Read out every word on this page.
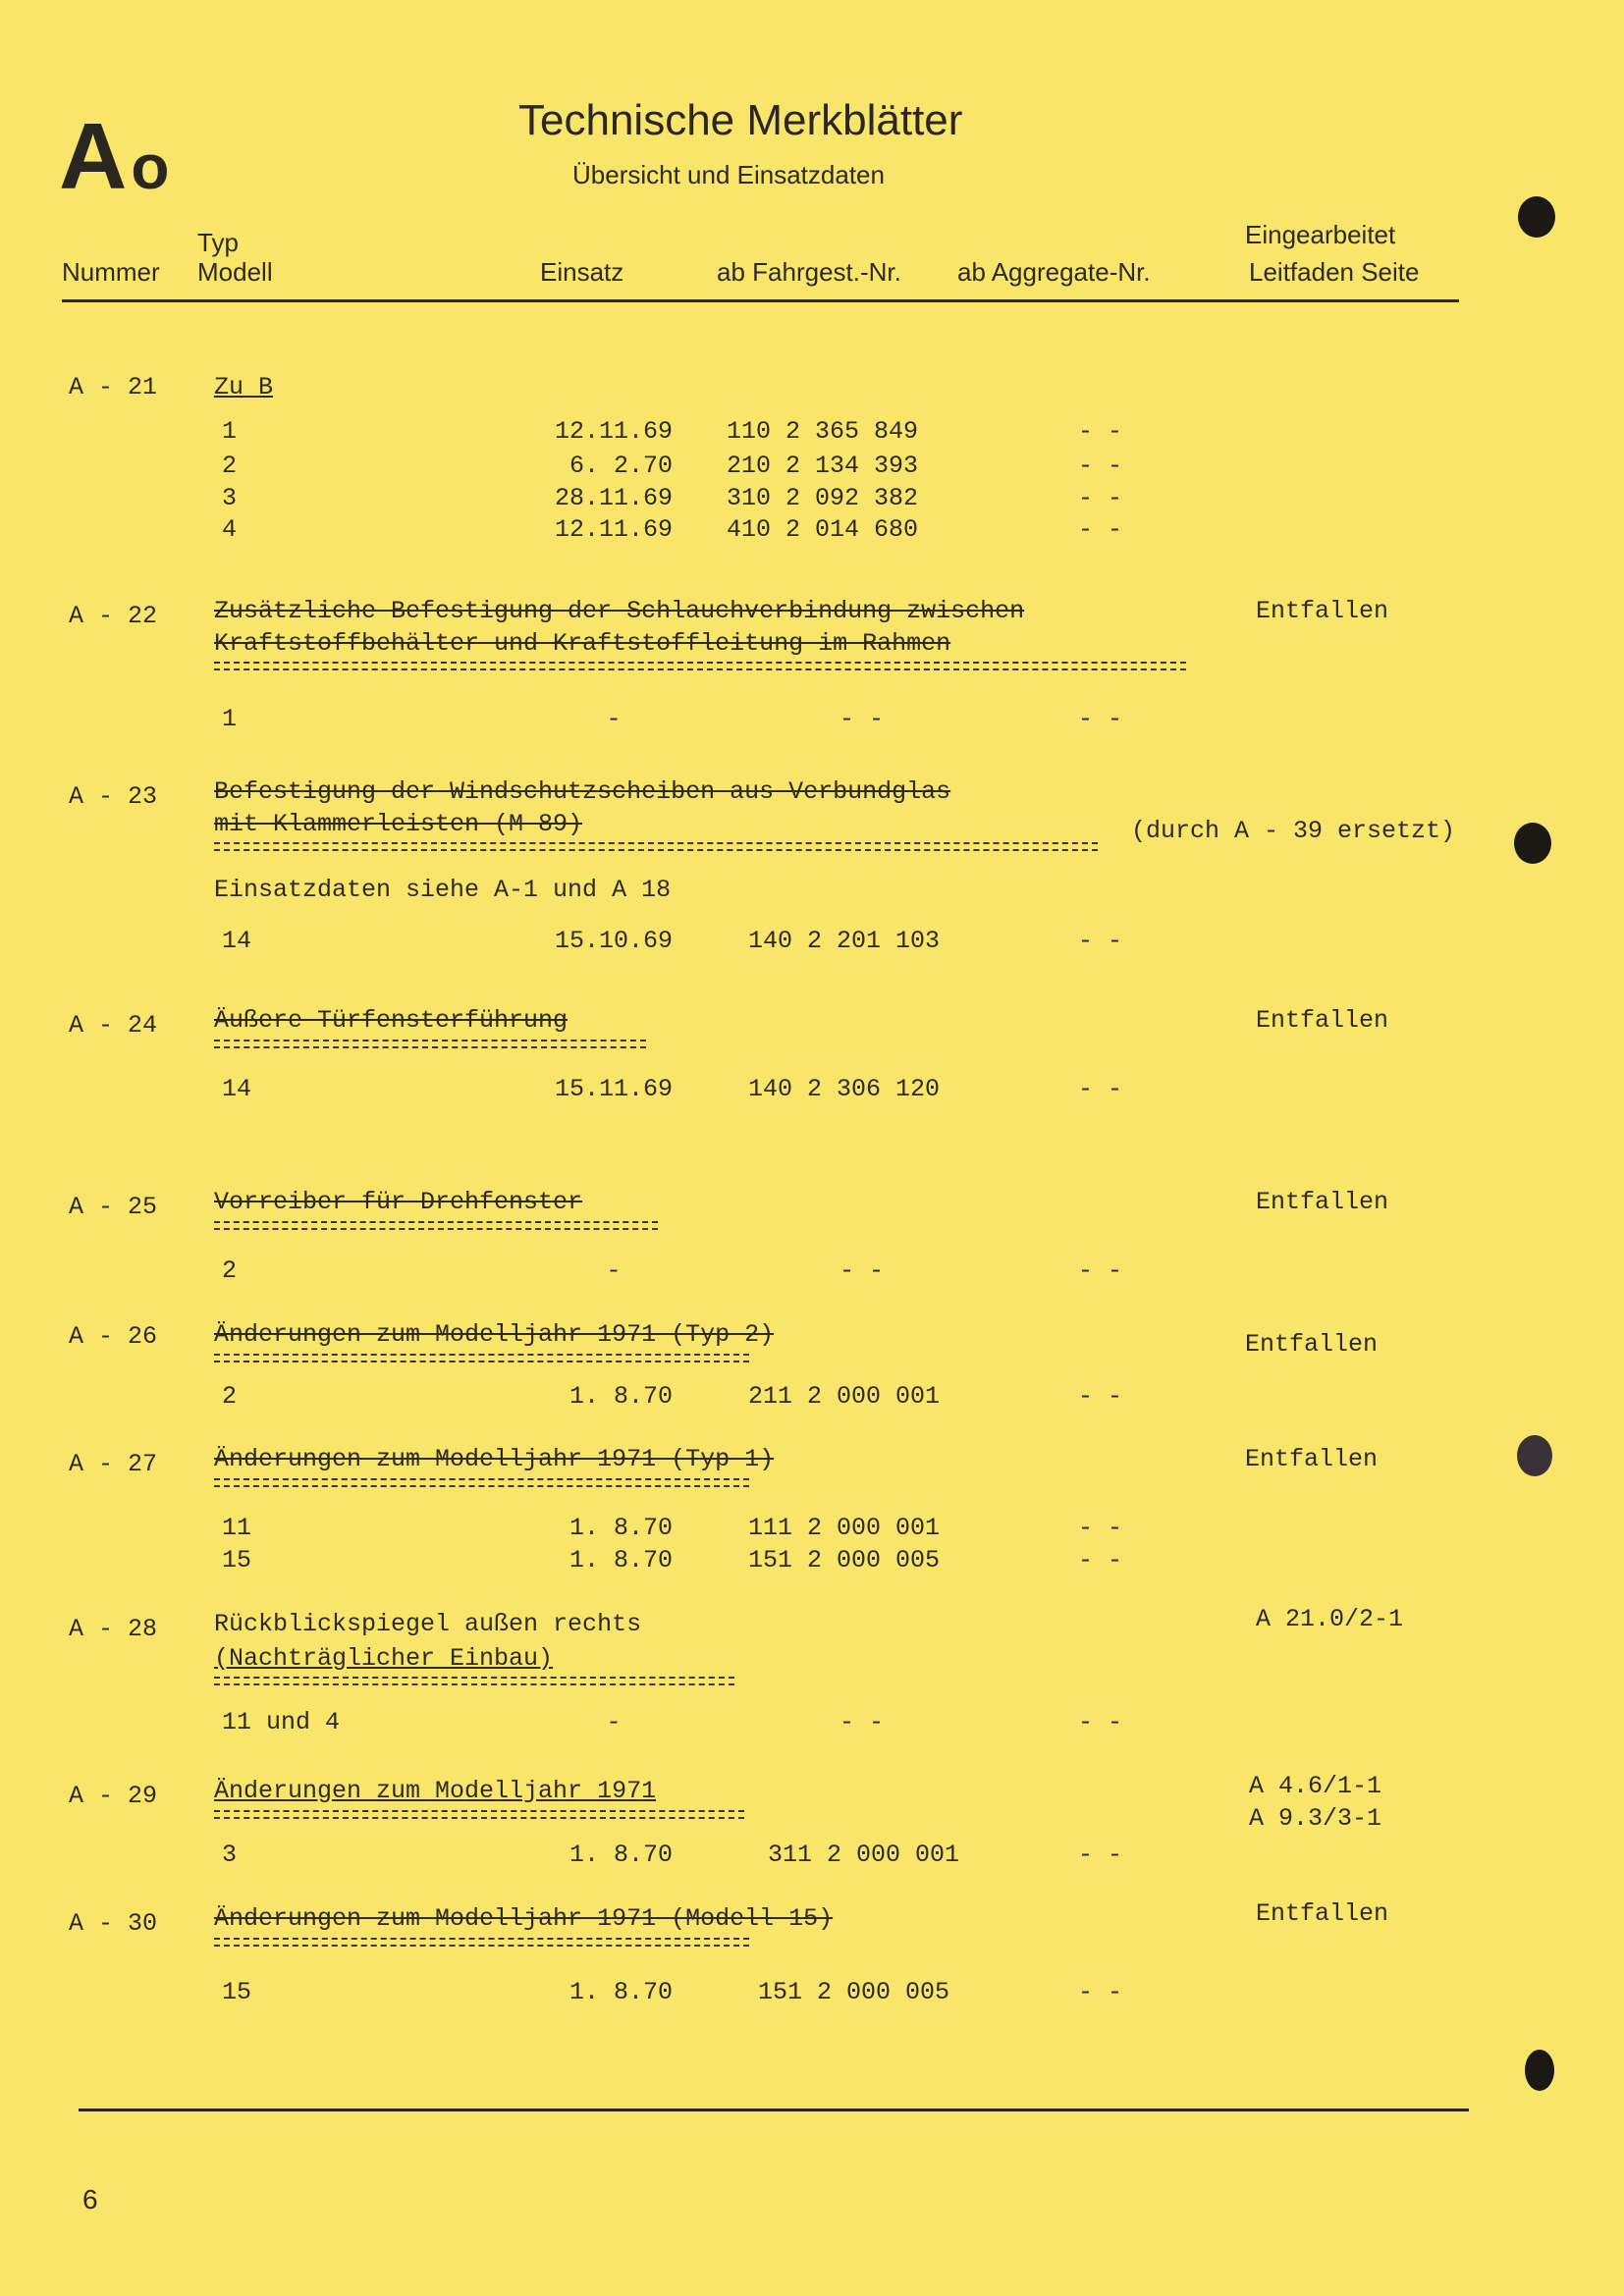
Ao
Technische Merkblätter
Übersicht und Einsatzdaten
Typ
Nummer Modell	Einsatz	ab Fahrgest.-Nr. ab Aggregate-Nr.
Eingearbeitet
Leitfaden Seite
A - 21 Zu B
1	12.11.69 110 2 365 849	- -
2	6. 2.70 210 2 134 393	- -
3	28.11.69 310 2 092 382	- -
4	12.11.69 410 2 014 680	- -
A - 22 Zusätzliche Befestigung der Schlauchverbindung zwischen
Kraftstoffbehälter und Kraftstoffleitung im Rahmen
Entfallen
1	-	- -	- -
A - 23 Befestigung der Windschutzscheiben aus Verbundglas
mit Klammerleisten (M 89)	(durch A - 39 ersetzt)
Einsatzdaten siehe A-1 und A 18
14	15.10.69	140 2 201 103	- -
A - 24 Äußere Türfensterführung	Entfallen
14	15.11.69	140 2 306 120	- -
A - 25 Vorreiber für Drehfenster	Entfallen
2	-	- -	- -
A - 26 Änderungen zum Modelljahr 1971 (Typ 2)	Entfallen
2	1. 8.70	211 2 000 001	- -
A - 27 Änderungen zum Modelljahr 1971 (Typ 1)	Entfallen
11	1. 8.70	111 2 000 001	- -
15	1. 8.70	151 2 000 005	- -
A - 28 Rückblickspiegel außen rechts
(Nachträglicher Einbau)
A 21.0/2-1
11 und 4	-	- -	- -
A - 29 Änderungen zum Modelljahr 1971	A 4.6/1-1
A 9.3/3-1
3	1. 8.70	311 2 000 001	- -
A - 30 Änderungen zum Modelljahr 1971 (Modell 15)	Entfallen
15	1. 8.70	151 2 000 005	- -
6
